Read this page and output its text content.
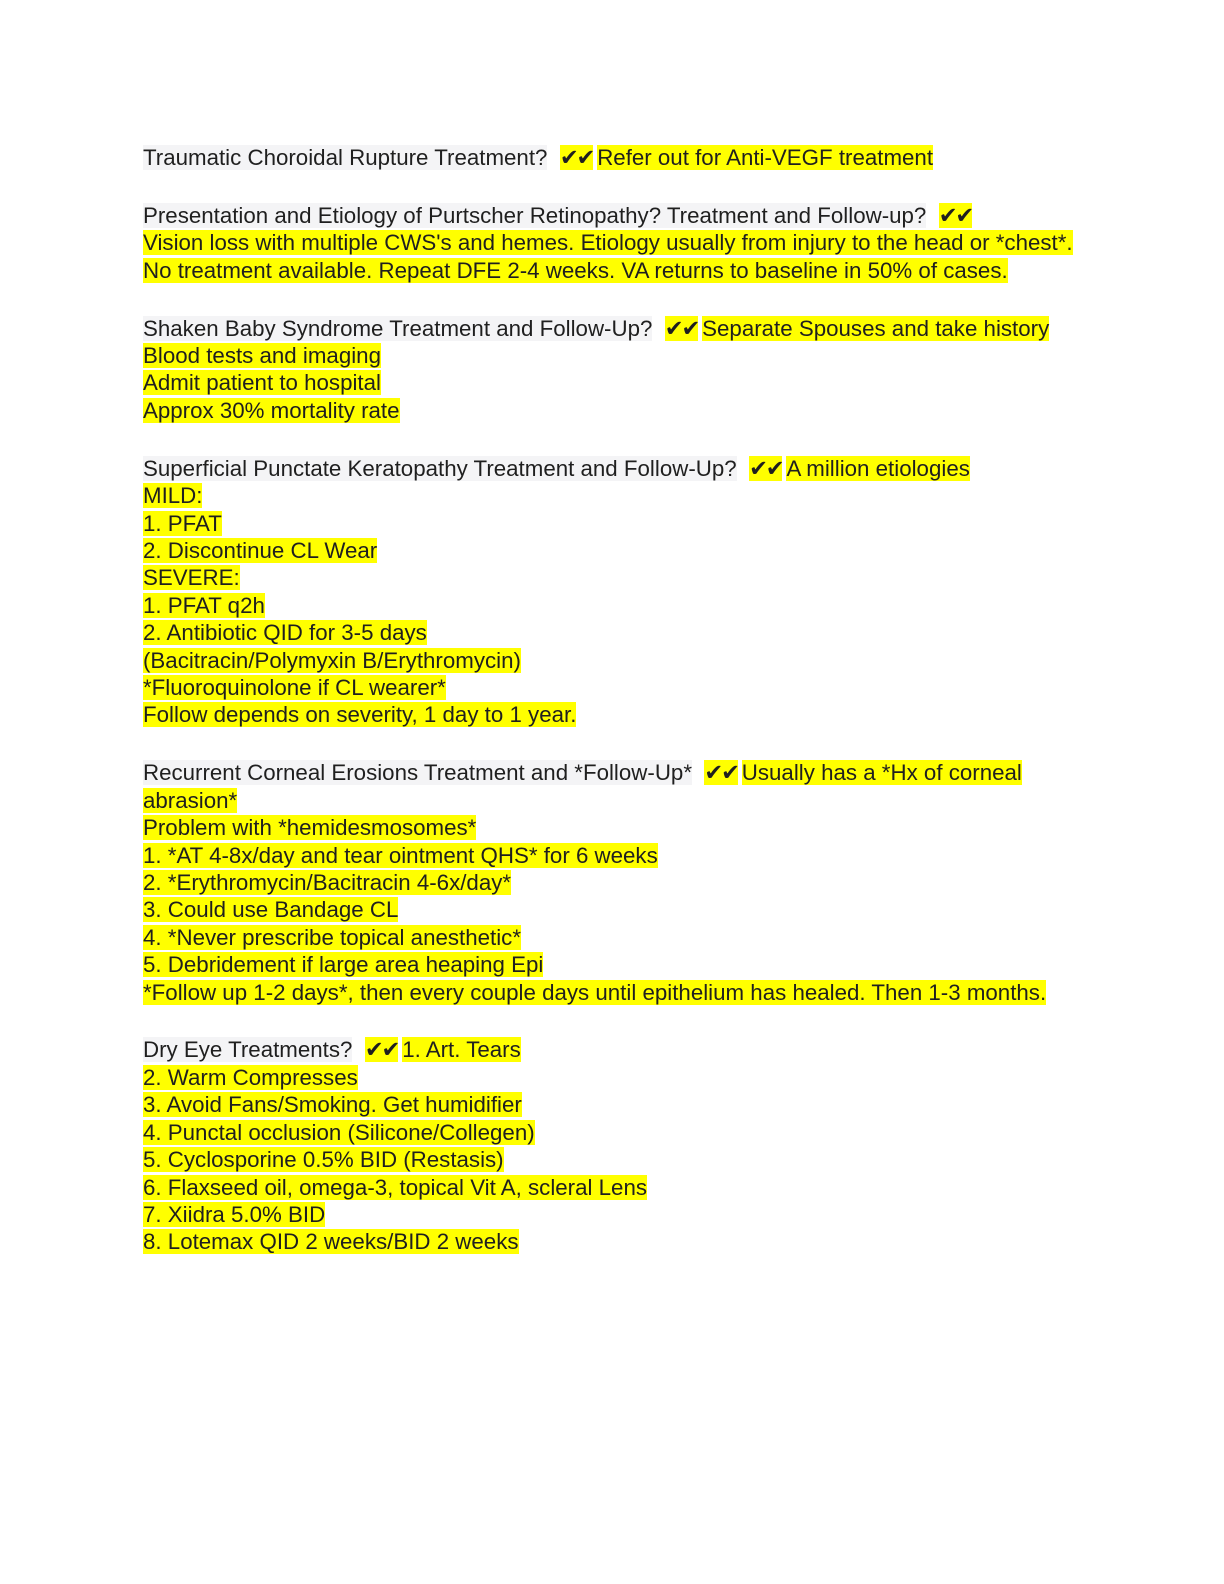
Traumatic Choroidal Rupture Treatment? ✔✔ Refer out for Anti-VEGF treatment
Presentation and Etiology of Purtscher Retinopathy? Treatment and Follow-up? ✔✔
Vision loss with multiple CWS's and hemes. Etiology usually from injury to the head or *chest*. No treatment available. Repeat DFE 2-4 weeks. VA returns to baseline in 50% of cases.
Shaken Baby Syndrome Treatment and Follow-Up? ✔✔ Separate Spouses and take history
Blood tests and imaging
Admit patient to hospital
Approx 30% mortality rate
Superficial Punctate Keratopathy Treatment and Follow-Up? ✔✔ A million etiologies
MILD:
1. PFAT
2. Discontinue CL Wear
SEVERE:
1. PFAT q2h
2. Antibiotic QID for 3-5 days
(Bacitracin/Polymyxin B/Erythromycin)
*Fluoroquinolone if CL wearer*
Follow depends on severity, 1 day to 1 year.
Recurrent Corneal Erosions Treatment and *Follow-Up* ✔✔ Usually has a *Hx of corneal abrasion*
Problem with *hemidesmosomes*
1. *AT 4-8x/day and tear ointment QHS* for 6 weeks
2. *Erythromycin/Bacitracin 4-6x/day*
3. Could use Bandage CL
4. *Never prescribe topical anesthetic*
5. Debridement if large area heaping Epi
*Follow up 1-2 days*, then every couple days until epithelium has healed. Then 1-3 months.
Dry Eye Treatments? ✔✔ 1. Art. Tears
2. Warm Compresses
3. Avoid Fans/Smoking. Get humidifier
4. Punctal occlusion (Silicone/Collegen)
5. Cyclosporine 0.5% BID (Restasis)
6. Flaxseed oil, omega-3, topical Vit A, scleral Lens
7. Xiidra 5.0% BID
8. Lotemax QID 2 weeks/BID 2 weeks
